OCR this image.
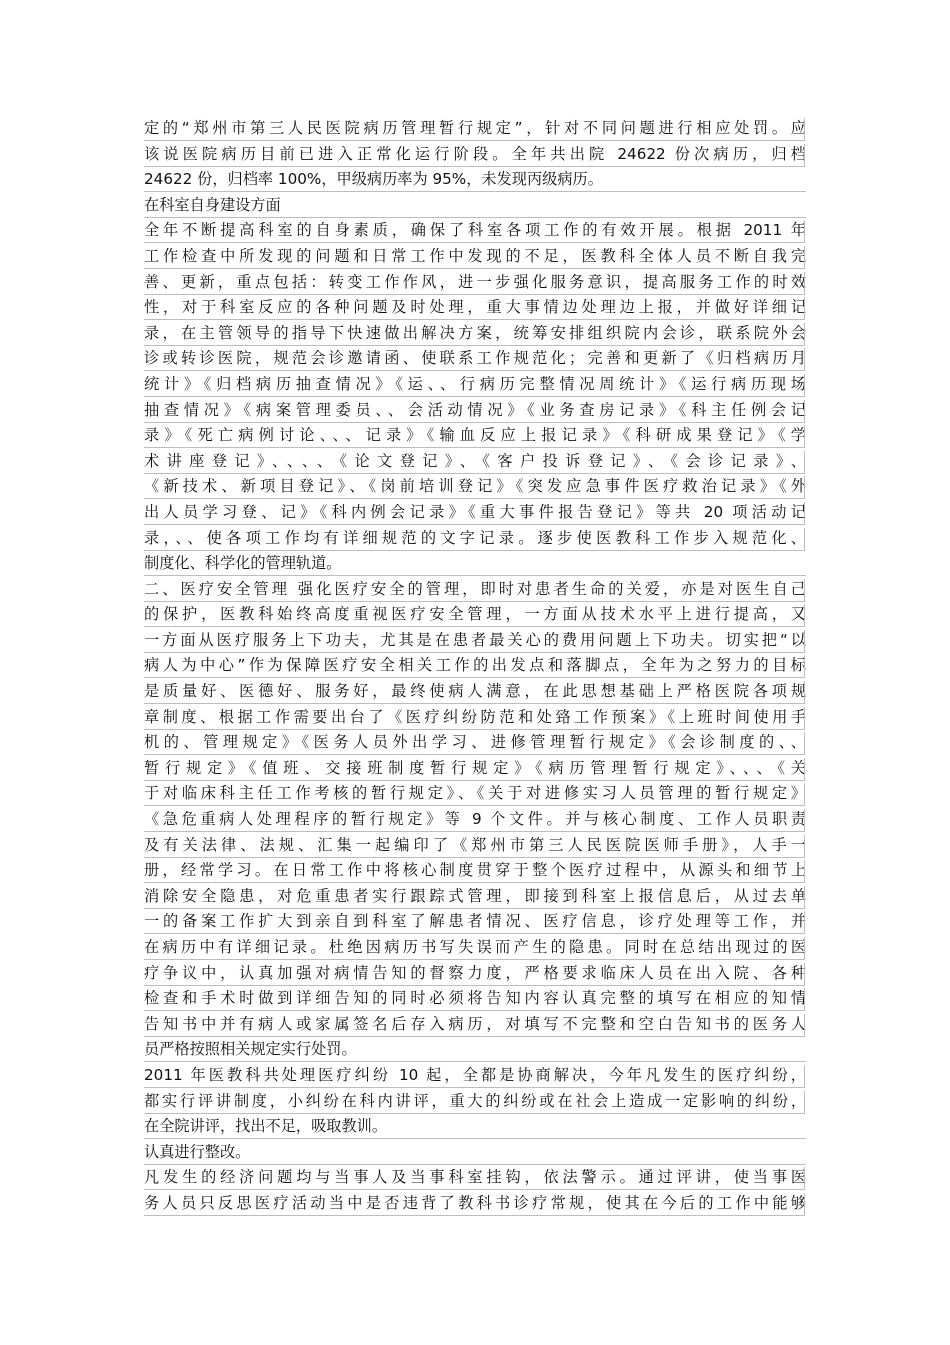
定的“郑州市第三人民医院病历管理暂行规定”，针对不同问题进行相应处罚。应
该说医院病历目前已进入正常化运行阶段。全年共出院 24622 份次病历，归档
24622 份，归档率 100%，甲级病历率为 95%，未发现丙级病历。
在科室自身建设方面
全年不断提高科室的自身素质，确保了科室各项工作的有效开展。根据 2011 年
工作检查中所发现的问题和日常工作中发现的不足，医教科全体人员不断自我完
善、更新，重点包括：转变工作作风，进一步强化服务意识，提高服务工作的时效
性，对于科室反应的各种问题及时处理，重大事情边处理边上报，并做好详细记
录，在主管领导的指导下快速做出解决方案，统筹安排组织院内会诊，联系院外会
诊或转诊医院，规范会诊邀请函、使联系工作规范化；完善和更新了《归档病历月
统计》《归档病历抽查情况》《运、、行病历完整情况周统计》《运行病历现场
抽查情况》《病案管理委员、、会活动情况》《业务查房记录》《科主任例会记
录》《死亡病例讨论、、、记录》《输血反应上报记录》《科研成果登记》《学
术讲座登记》、、、、《论文登记》、《客户投诉登记》、《会诊记录》、
《新技术、新项目登记》、《岗前培训登记》《突发应急事件医疗救治记录》《外
出人员学习登、记》《科内例会记录》《重大事件报告登记》等共 20 项活动记
录，、、使各项工作均有详细规范的文字记录。逐步使医教科工作步入规范化、
制度化、科学化的管理轨道。
二、医疗安全管理 强化医疗安全的管理，即时对患者生命的关爱，亦是对医生自己
的保护，医教科始终高度重视医疗安全管理，一方面从技术水平上进行提高，又
一方面从医疗服务上下功夫，尤其是在患者最关心的费用问题上下功夫。切实把“以
病人为中心”作为保障医疗安全相关工作的出发点和落脚点，全年为之努力的目标
是质量好、医德好、服务好，最终使病人满意，在此思想基础上严格医院各项规
章制度、根据工作需要出台了《医疗纠纷防范和处臵工作预案》《上班时间使用手
机的、管理规定》《医务人员外出学习、进修管理暂行规定》《会诊制度的、、
暂行规定》《值班、交接班制度暂行规定》《病历管理暂行规定》、、、《关
于对临床科主任工作考核的暂行规定》、《关于对进修实习人员管理的暂行规定》
《急危重病人处理程序的暂行规定》等 9 个文件。并与核心制度、工作人员职责
及有关法律、法规、汇集一起编印了《郑州市第三人民医院医师手册》，人手一
册，经常学习。在日常工作中将核心制度贯穿于整个医疗过程中，从源头和细节上
消除安全隐患，对危重患者实行跟踪式管理，即接到科室上报信息后，从过去单
一的备案工作扩大到亲自到科室了解患者情况、医疗信息，诊疗处理等工作，并
在病历中有详细记录。杜绝因病历书写失误而产生的隐患。同时在总结出现过的医
疗争议中，认真加强对病情告知的督察力度，严格要求临床人员在出入院、各种
检查和手术时做到详细告知的同时必须将告知内容认真完整的填写在相应的知情
告知书中并有病人或家属签名后存入病历，对填写不完整和空白告知书的医务人
员严格按照相关规定实行处罚。
2011 年医教科共处理医疗纠纷 10 起，全都是协商解决，今年凡发生的医疗纠纷，
都实行评讲制度，小纠纷在科内讲评，重大的纠纷或在社会上造成一定影响的纠纷，
在全院讲评，找出不足，吸取教训。
认真进行整改。
凡发生的经济问题均与当事人及当事科室挂钩，依法警示。通过评讲，使当事医
务人员只反思医疗活动当中是否违背了教科书诊疗常规，使其在今后的工作中能够
